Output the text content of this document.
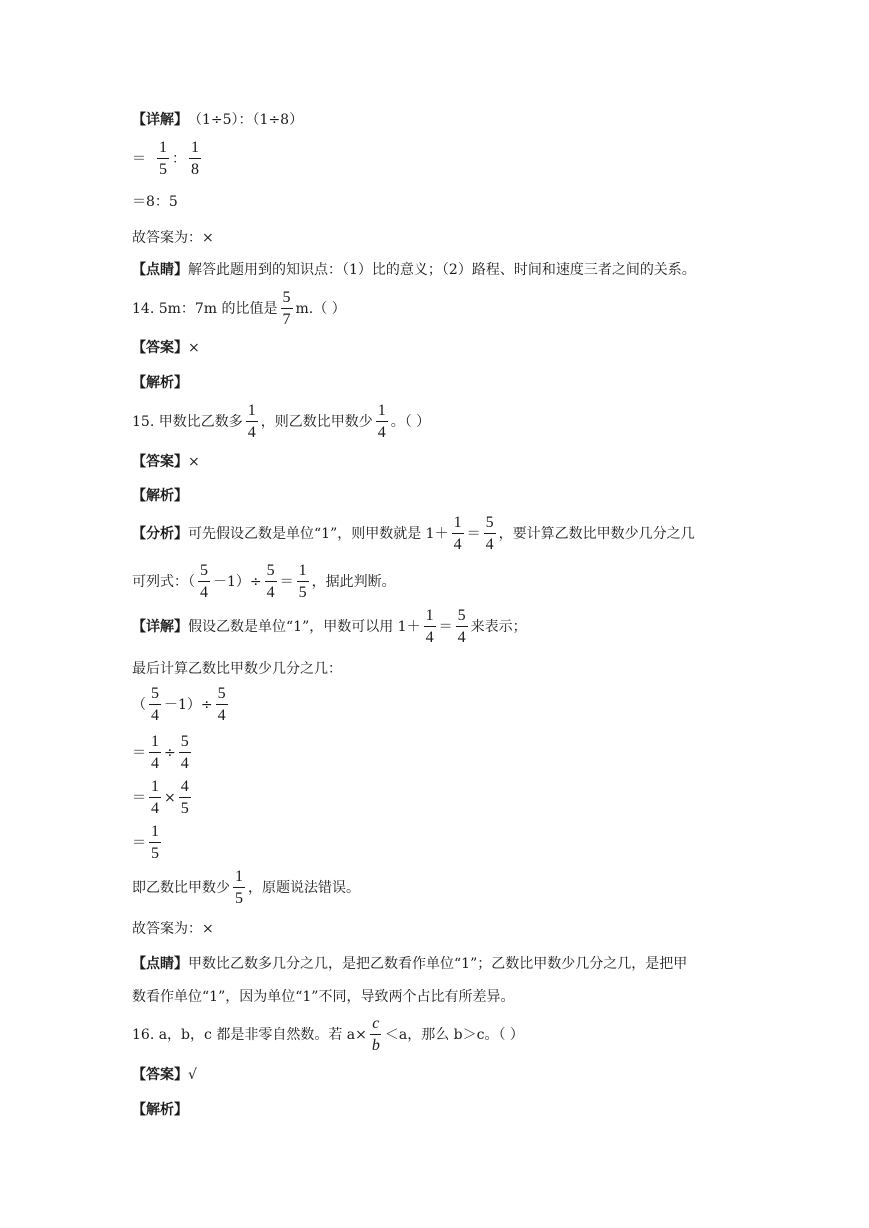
【详解】 （1÷5）：（1÷8）
＝ $\frac{1}{5}$ ： $\frac{1}{8}$
＝8：5
故答案为：×
【点睛】 解答此题用到的知识点：（1）比的意义；（2）路程、时间和速度三者之间的关系。
14. 5m：7m 的比值是 $\frac{5}{7} m$.（ ）
【答案】 ×
【解析】
15. 甲数比乙数多 $\frac{1}{4}$ ，则乙数比甲数少 $\frac{1}{4}$ 。（ ）
【答案】 ×
【解析】
【分析】 可先假设乙数是单位“1”，则甲数就是 $1+ \frac{1}{4} = \frac{5}{4}$ ，要计算乙数比甲数少几分之几
可列式：（ $\frac{5}{4} -1)\div \frac{5}{4} = \frac{1}{5}$ ，据此判断。
【详解】 假设乙数是单位“1”，甲数可以用 $1+ \frac{1}{4} = \frac{5}{4}$ 来表示；
最后计算乙数比甲数少几分之几：
（ $\frac{5}{4} -1)\div \frac{5}{4}$
＝ $\frac{1}{4} \div \frac{5}{4}$
＝ $\frac{1}{4} \times \frac{4}{5}$
＝ $\frac{1}{5}$
即乙数比甲数少 $\frac{1}{5}$ ，原题说法错误。
故答案为：×
【点睛】 甲数比乙数多几分之几，是把乙数看作单位“1”；乙数比甲数少几分之几，是把甲
数看作单位“1”，因为单位“1”不同，导致两个占比有所差异。
16. a，b，c 都是非零自然数。若 $a\times \frac{c}{b} <a$，那么 b＞c。（ ）
【答案】 √
【解析】
